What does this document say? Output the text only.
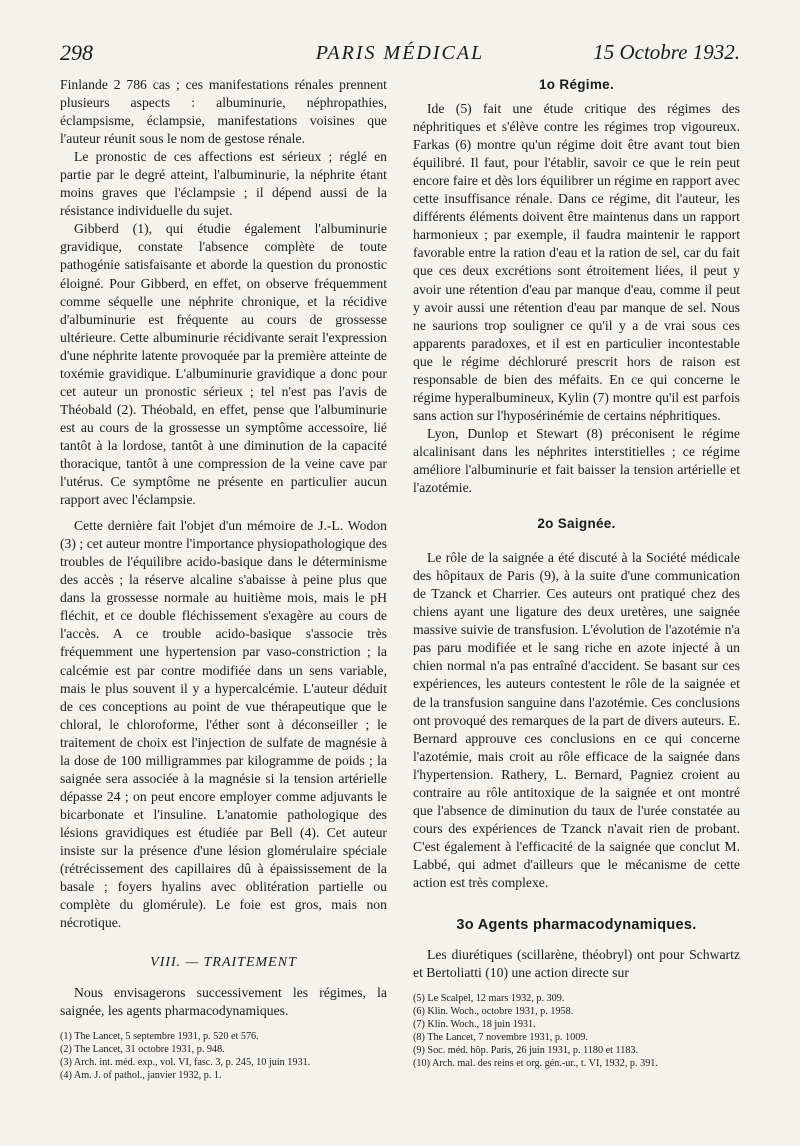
298	PARIS MÉDICAL	15 Octobre 1932.

Finlande 2 786 cas ; ces manifestations rénales prennent plusieurs aspects : albuminurie, néphropathies, éclampsisme, éclampsie, manifestations voisines que l'auteur réunit sous le nom de gestose rénale.

Le pronostic de ces affections est sérieux ; réglé en partie par le degré atteint, l'albuminurie, la néphrite étant moins graves que l'éclampsie ; il dépend aussi de la résistance individuelle du sujet.

Gibberd (1), qui étudie également l'albuminurie gravidique, constate l'absence complète de toute pathogénie satisfaisante et aborde la question du pronostic éloigné. Pour Gibberd, en effet, on observe fréquemment comme séquelle une néphrite chronique, et la récidive d'albuminurie est fréquente au cours de grossesse ultérieure. Cette albuminurie récidivante serait l'expression d'une néphrite latente provoquée par la première atteinte de toxémie gravidique. L'albuminurie gravidique a donc pour cet auteur un pronostic sérieux ; tel n'est pas l'avis de Théobald (2). Théobald, en effet, pense que l'albuminurie est au cours de la grossesse un symptôme accessoire, lié tantôt à la lordose, tantôt à une diminution de la capacité thoracique, tantôt à une compression de la veine cave par l'utérus. Ce symptôme ne présente en particulier aucun rapport avec l'éclampsie.

Cette dernière fait l'objet d'un mémoire de J.-L. Wodon (3) ; cet auteur montre l'importance physiopathologique des troubles de l'équilibre acido-basique dans le déterminisme des accès ; la réserve alcaline s'abaisse à peine plus que dans la grossesse normale au huitième mois, mais le pH fléchit, et ce double fléchissement s'exagère au cours de l'accès. A ce trouble acido-basique s'associe très fréquemment une hypertension par vaso-constriction ; la calcémie est par contre modifiée dans un sens variable, mais le plus souvent il y a hypercalcémie. L'auteur déduit de ces conceptions au point de vue thérapeutique que le chloral, le chloroforme, l'éther sont à déconseiller ; le traitement de choix est l'injection de sulfate de magnésie à la dose de 100 milligrammes par kilogramme de poids ; la saignée sera associée à la magnésie si la tension artérielle dépasse 24 ; on peut encore employer comme adjuvants le bicarbonate et l'insuline. L'anatomie pathologique des lésions gravidiques est étudiée par Bell (4). Cet auteur insiste sur la présence d'une lésion glomérulaire spéciale (rétrécissement des capillaires dû à épaississement de la basale ; foyers hyalins avec oblitération partielle ou complète du glomérule). Le foie est gros, mais non nécrotique.

VIII. — TRAITEMENT

Nous envisagerons successivement les régimes, la saignée, les agents pharmacodynamiques.

(1) The Lancet, 5 septembre 1931, p. 520 et 576.
(2) The Lancet, 31 octobre 1931, p. 948.
(3) Arch. int. méd. exp., vol. VI, fasc. 3, p. 245, 10 juin 1931.
(4) Am. J. of pathol., janvier 1932, p. 1.
1o Régime.

Ide (5) fait une étude critique des régimes des néphritiques et s'élève contre les régimes trop vigoureux. Farkas (6) montre qu'un régime doit être avant tout bien équilibré. Il faut, pour l'établir, savoir ce que le rein peut encore faire et dès lors équilibrer un régime en rapport avec cette insuffisance rénale. Dans ce régime, dit l'auteur, les différents éléments doivent être maintenus dans un rapport harmonieux ; par exemple, il faudra maintenir le rapport favorable entre la ration d'eau et la ration de sel, car du fait que ces deux excrétions sont étroitement liées, il peut y avoir une rétention d'eau par manque d'eau, comme il peut y avoir aussi une rétention d'eau par manque de sel. Nous ne saurions trop souligner ce qu'il y a de vrai sous ces apparents paradoxes, et il est en particulier incontestable que le régime déchloruré prescrit hors de raison est responsable de bien des méfaits. En ce qui concerne le régime hyperalbumineux, Kylin (7) montre qu'il est parfois sans action sur l'hyposérinémie de certains néphritiques.

Lyon, Dunlop et Stewart (8) préconisent le régime alcalinisant dans les néphrites interstitielles ; ce régime améliore l'albuminurie et fait baisser la tension artérielle et l'azotémie.

2o Saignée.

Le rôle de la saignée a été discuté à la Société médicale des hôpitaux de Paris (9), à la suite d'une communication de Tzanck et Charrier. Ces auteurs ont pratiqué chez des chiens ayant une ligature des deux uretères, une saignée massive suivie de transfusion. L'évolution de l'azotémie n'a pas paru modifiée et le sang riche en azote injecté à un chien normal n'a pas entraîné d'accident. Se basant sur ces expériences, les auteurs contestent le rôle de la saignée et de la transfusion sanguine dans l'azotémie. Ces conclusions ont provoqué des remarques de la part de divers auteurs. E. Bernard approuve ces conclusions en ce qui concerne l'azotémie, mais croit au rôle efficace de la saignée dans l'hypertension. Rathery, L. Bernard, Pagniez croient au contraire au rôle antitoxique de la saignée et ont montré que l'absence de diminution du taux de l'urée constatée au cours des expériences de Tzanck n'avait rien de probant. C'est également à l'efficacité de la saignée que conclut M. Labbé, qui admet d'ailleurs que le mécanisme de cette action est très complexe.

3o Agents pharmacodynamiques.

Les diurétiques (scillarène, théobryl) ont pour Schwartz et Bertoliatti (10) une action directe sur

(5) Le Scalpel, 12 mars 1932, p. 309.
(6) Klin. Woch., octobre 1931, p. 1958.
(7) Klin. Woch., 18 juin 1931.
(8) The Lancet, 7 novembre 1931, p. 1009.
(9) Soc. méd. hôp. Paris, 26 juin 1931, p. 1180 et 1183.
(10) Arch. mal. des reins et org. gén.-ur., t. VI, 1932, p. 391.
